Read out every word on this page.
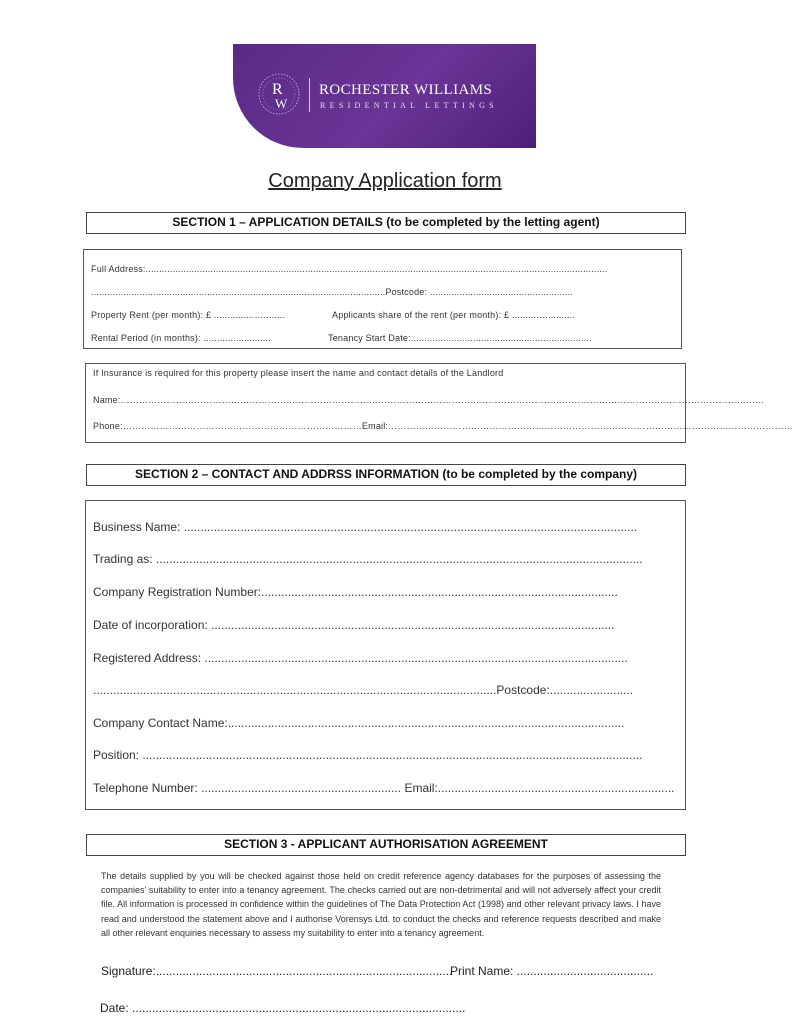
R
W
ROCHESTER WILLIAMS
RESIDENTIAL LETTINGS
Company Application form
SECTION 1 – APPLICATION DETAILS (to be completed by the letting agent)
Full Address:...........................................................................................................................................................................
.............................................................................................................Postcode: .....................................................
Property Rent (per month): £ ...............…........	Applicants share of the rent (per month): £ .........…...........
Rental Period (in months): .........................	Tenancy Start Date:...................................................................
If Insurance is required for this property please insert the name and contact details of the Landlord
Name:…………………………………………………………………………………………………………………………………………………………………………………………
Phone:……………………………………………………………………Email:……………………………………………………………………………………………………………………
SECTION 2 – CONTACT AND ADDRSS INFORMATION (to be completed by the company)
Business Name: ........................................................................................................................................
Trading as: ..................................................................................................................................................
Company Registration Number:...........................................................................................................
Date of incorporation: .........................................................................................................................
Registered Address: ...............................................................................................................................
.........................................................................................................................Postcode:.........................
Company Contact Name:.......................................................................................................................
Position: ......................................................................................................................................................
Telephone Number: ............................................................ Email:.......................................................................
SECTION 3 - APPLICANT AUTHORISATION AGREEMENT
The details supplied by you will be checked against those held on credit reference agency databases for the purposes of assessing the companies’ suitability to enter into a tenancy agreement. The checks carried out are non-detrimental and will not adversely affect your credit file. All information is processed in confidence within the guidelines of The Data Protection Act (1998) and other relevant privacy laws. I have read and understood the statement above and I authorise Vorensys Ltd. to conduct the checks and reference requests described and make all other relevant enquiries necessary to assess my suitability to enter into a tenancy agreement.
Signature:.........................................................................................
Print Name: .........................................
Date: ....................................................................................................
